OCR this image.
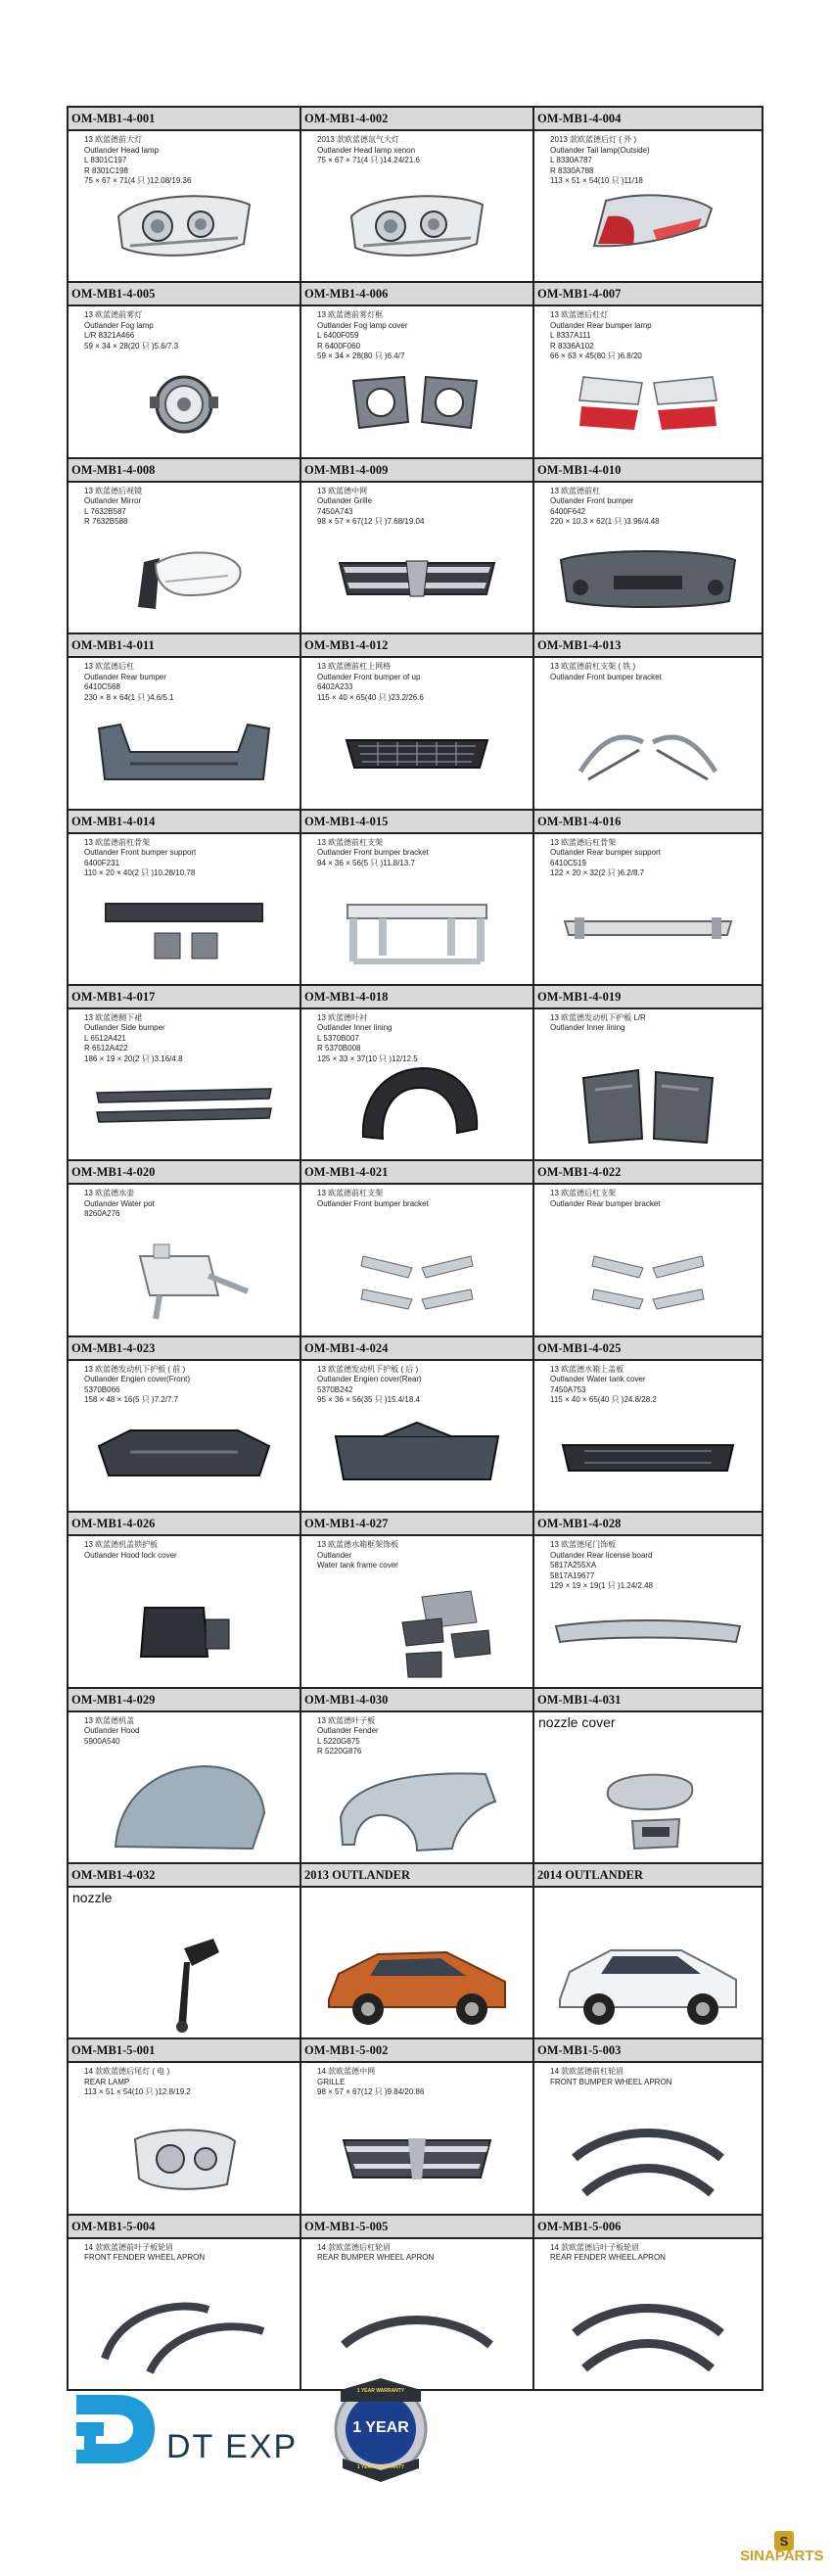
OM-MB1-4-001
13 欧蓝德前大灯
Outlander Head lamp
L 8301C197
R 8301C198
75 × 67 × 71(4 只 )12.08/19.36
OM-MB1-4-002
2013 款欧蓝德氙气大灯
Outlander Head lamp xenon
75 × 67 × 71(4 只 )14.24/21.6
OM-MB1-4-004
2013 款欧蓝德后灯 ( 外 )
Outlander Tail lamp(Outside)
L 8330A787
R 8330A788
113 × 51 × 54(10 只 )11/18
OM-MB1-4-005
13 欧蓝德前雾灯
Outlander Fog lamp
L/R 8321A466
59 × 34 × 28(20 只 )5.6/7.3
OM-MB1-4-006
13 欧蓝德前雾灯框
Outlander Fog lamp cover
L 6400F059
R 6400F060
59 × 34 × 28(80 只 )6.4/7
OM-MB1-4-007
13 欧蓝德后杠灯
Outlander Rear bumper lamp
L 8337A111
R 8336A102
66 × 63 × 45(80 只 )6.8/20
OM-MB1-4-008
13 欧蓝德后视镜
Outlander Mirror
L 7632B587
R 7632B588
OM-MB1-4-009
13 欧蓝德中网
Outlander Grille
7450A743
98 × 57 × 67(12 只 )7.68/19.04
OM-MB1-4-010
13 欧蓝德前杠
Outlander Front bumper
6400F642
220 × 10.3 × 62(1 只 )3.96/4.48
OM-MB1-4-011
13 欧蓝德后杠
Outlander Rear bumper
6410C568
230 × 8 × 64(1 只 )4.6/5.1
OM-MB1-4-012
13 欧蓝德前杠上网格
Outlander Front bumper of up
6402A233
115 × 40 × 65(40 只 )23.2/26.6
OM-MB1-4-013
13 欧蓝德前杠支架 ( 铁 )
Outlander Front bumper bracket
OM-MB1-4-014
13 欧蓝德前杠骨架
Outlander Front bumper support
6400F231
110 × 20 × 40(2 只 )10.28/10.78
OM-MB1-4-015
13 欧蓝德前杠支架
Outlander Front bumper bracket
94 × 36 × 56(5 只 )11.8/13.7
OM-MB1-4-016
13 欧蓝德后杠骨架
Outlander Rear bumper support
6410C519
122 × 20 × 32(2 只 )6.2/8.7
OM-MB1-4-017
13 欧蓝德侧下裙
Outlander Side bumper
L 6512A421
R 6512A422
186 × 19 × 20(2 只 )3.16/4.8
OM-MB1-4-018
13 欧蓝德叶衬
Outlander Inner lining
L 5370B007
R 5370B008
125 × 33 × 37(10 只 )12/12.5
OM-MB1-4-019
13 欧蓝德发动机下护板 L/R
Outlander Inner lining
OM-MB1-4-020
13 欧蓝德水壶
Outlander Water pot
8260A276
OM-MB1-4-021
13 欧蓝德前杠支架
Outlander Front bumper bracket
OM-MB1-4-022
13 欧蓝德后杠支架
Outlander Rear bumper bracket
OM-MB1-4-023
13 欧蓝德发动机下护板 ( 前 )
Outlander Engien cover(Front)
5370B066
158 × 48 × 16(5 只 )7.2/7.7
OM-MB1-4-024
13 欧蓝德发动机下护板 ( 后 )
Outlander Engien cover(Rear)
5370B242
95 × 36 × 56(35 只 )15.4/18.4
OM-MB1-4-025
13 欧蓝德水箱上盖板
Outlander Water tank cover
7450A753
115 × 40 × 65(40 只 )24.8/28.2
OM-MB1-4-026
13 欧蓝德机盖锁护板
Outlander Hood lock cover
OM-MB1-4-027
13 欧蓝德水箱框架饰板
Outlander
Water tank frame cover
OM-MB1-4-028
13 欧蓝德尾门饰板
Outlander Rear license board
5817A255XA
5817A19677
129 × 19 × 19(1 只 )1.24/2.48
OM-MB1-4-029
13 欧蓝德机盖
Outlander Hood
5900A540
OM-MB1-4-030
13 欧蓝德叶子板
Outlander Fender
L 5220G875
R 5220G876
OM-MB1-4-031
nozzle cover
OM-MB1-4-032
nozzle
2013 OUTLANDER	2014 OUTLANDER
OM-MB1-5-001
14 款欧蓝德后尾灯 ( 电 )
REAR LAMP
113 × 51 × 54(10 只 )12.8/19.2
OM-MB1-5-002
14 款欧蓝德中网
GRILLE
98 × 57 × 67(12 只 )9.84/20.86
OM-MB1-5-003
14 款欧蓝德前杠轮眉
FRONT BUMPER WHEEL APRON
OM-MB1-5-004
14 款欧蓝德前叶子板轮眉
FRONT FENDER WHEEL APRON
OM-MB1-5-005
14 款欧蓝德后杠轮眉
REAR BUMPER WHEEL APRON
OM-MB1-5-006
14 款欧蓝德后叶子板轮眉
REAR FENDER WHEEL APRON
DT EXP
1 YEAR
1 YEAR WARRANTY
1 YEAR WARRANTY
S
SINAPARTS
